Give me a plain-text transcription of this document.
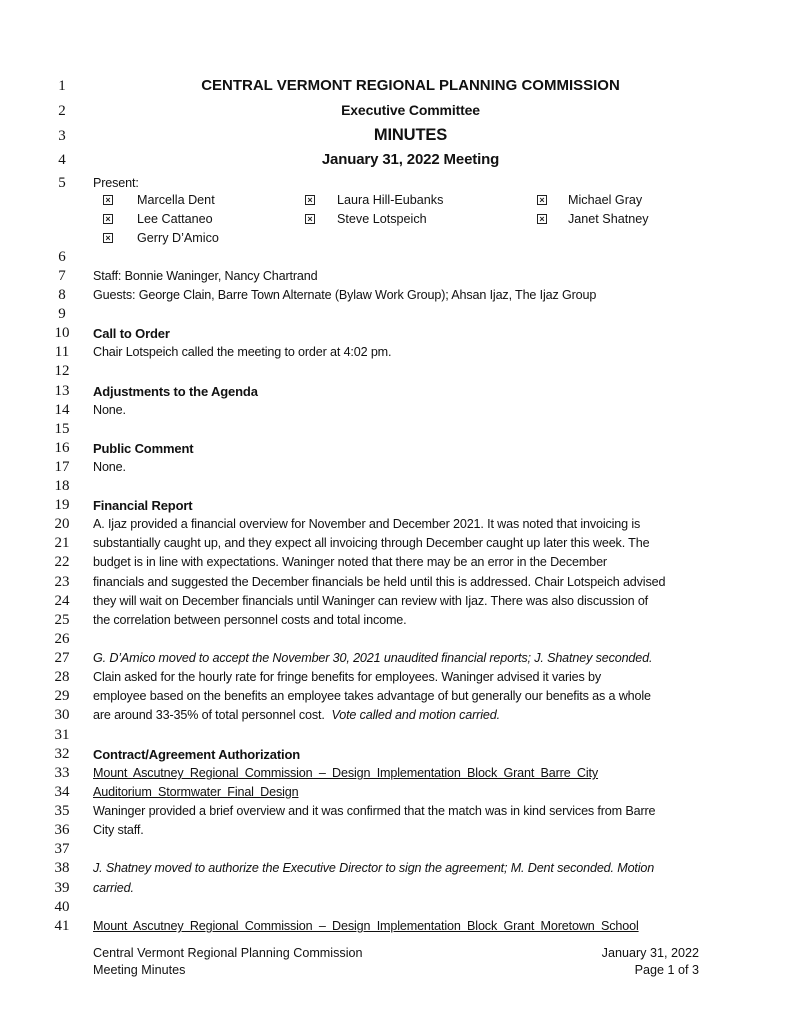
1
2
3
4
5
6
7
8
9
10
11
12
13
14
15
16
17
18
19
20
21
22
23
24
25
26
27
28
29
30
31
32
33
34
35
36
37
38
39
40
41
CENTRAL VERMONT REGIONAL PLANNING COMMISSION
Executive Committee
MINUTES
January 31, 2022 Meeting
Present:
× Marcella Dent	× Laura Hill-Eubanks	× Michael Gray
× Lee Cattaneo	× Steve Lotspeich	× Janet Shatney
× Gerry D’Amico
Staff: Bonnie Waninger, Nancy Chartrand
Guests: George Clain, Barre Town Alternate (Bylaw Work Group); Ahsan Ijaz, The Ijaz Group
Call to Order
Chair Lotspeich called the meeting to order at 4:02 pm.
Adjustments to the Agenda
None.
Public Comment
None.
Financial Report
A. Ijaz provided a financial overview for November and December 2021. It was noted that invoicing is
substantially caught up, and they expect all invoicing through December caught up later this week. The
budget is in line with expectations. Waninger noted that there may be an error in the December
financials and suggested the December financials be held until this is addressed. Chair Lotspeich advised
they will wait on December financials until Waninger can review with Ijaz. There was also discussion of
the correlation between personnel costs and total income.
G. D’Amico moved to accept the November 30, 2021 unaudited financial reports; J. Shatney seconded.
Clain asked for the hourly rate for fringe benefits for employees. Waninger advised it varies by
employee based on the benefits an employee takes advantage of but generally our benefits as a whole
are around 33-35% of total personnel cost.  Vote called and motion carried.
Contract/Agreement Authorization
Mount Ascutney Regional Commission – Design Implementation Block Grant Barre City
Auditorium Stormwater Final Design
Waninger provided a brief overview and it was confirmed that the match was in kind services from Barre
City staff.
J. Shatney moved to authorize the Executive Director to sign the agreement; M. Dent seconded. Motion
carried.
Mount Ascutney Regional Commission – Design Implementation Block Grant Moretown School
Central Vermont Regional Planning Commission
Meeting Minutes
January 31, 2022
Page 1 of 3
